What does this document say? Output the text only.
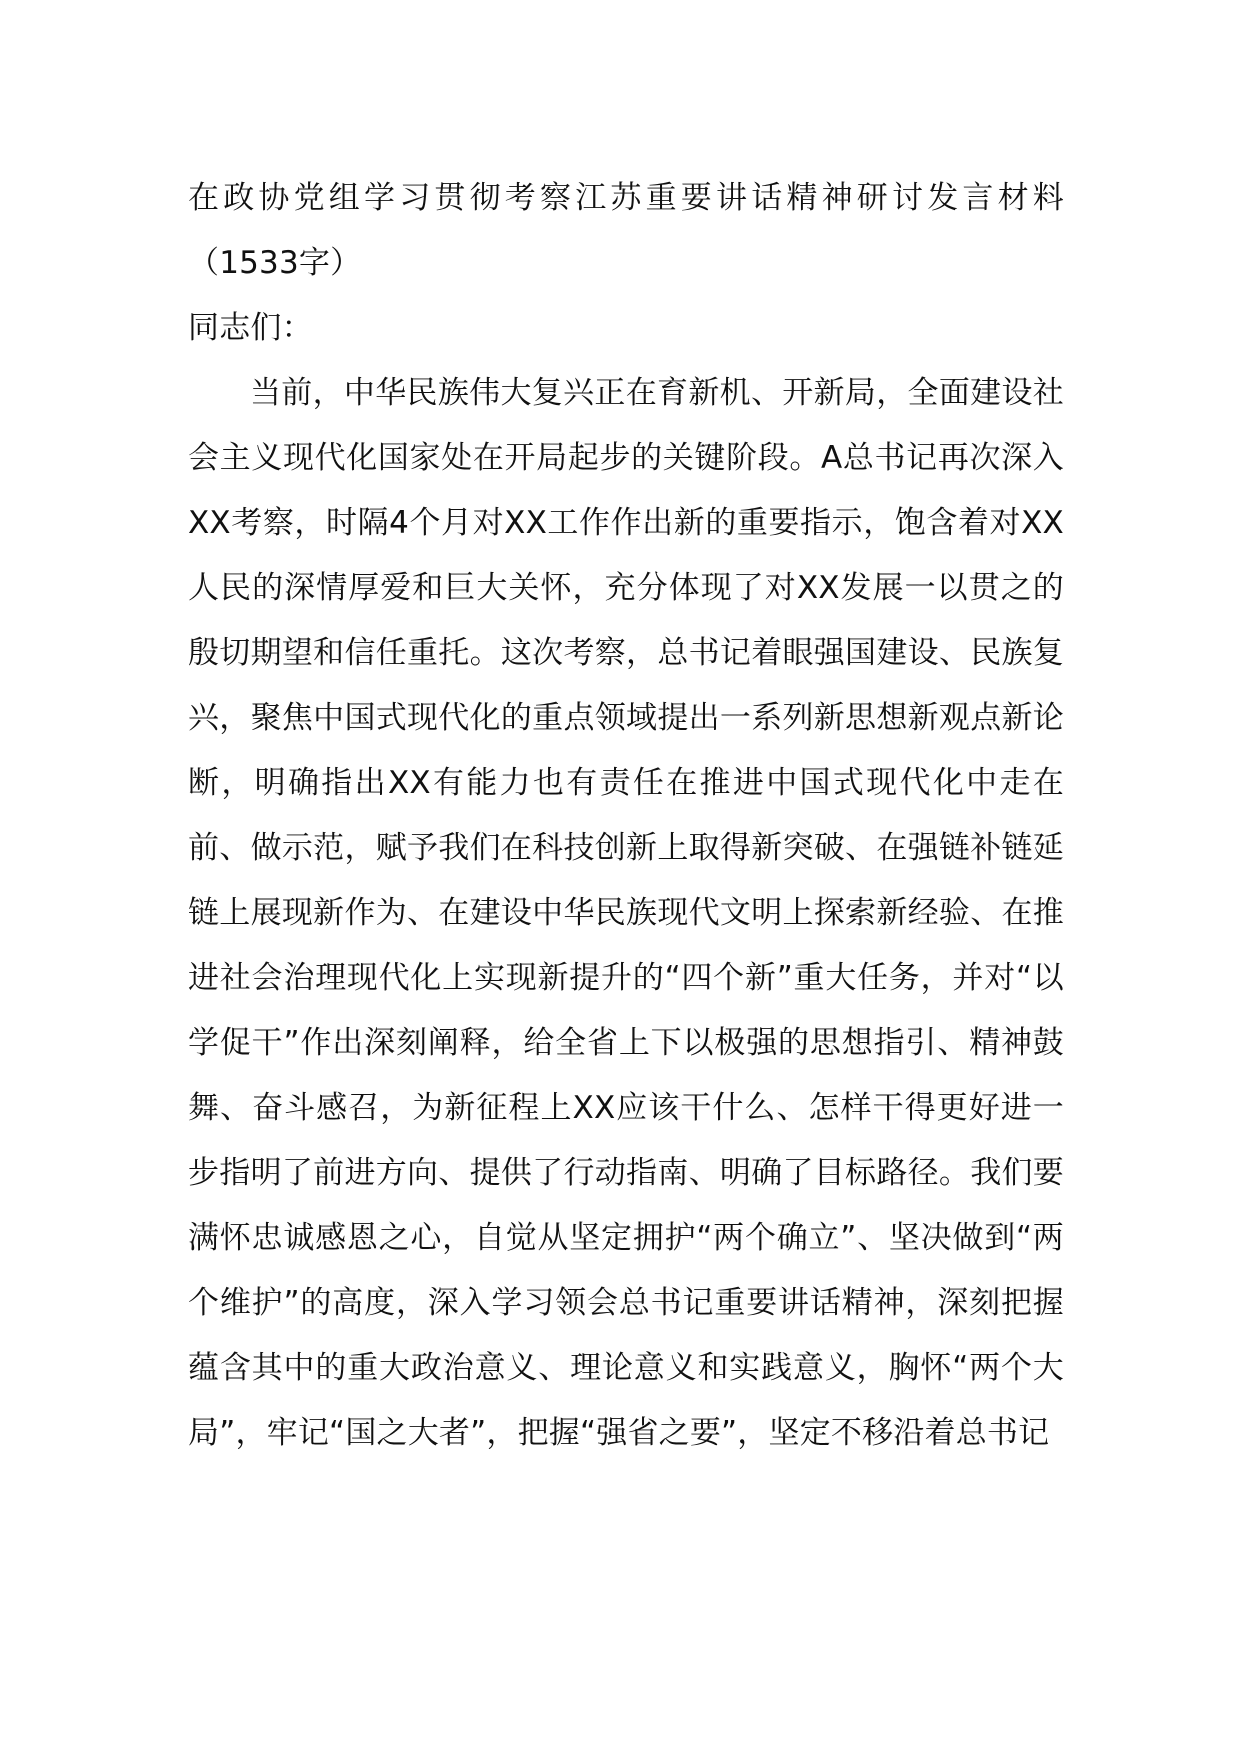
在政协党组学习贯彻考察江苏重要讲话精神研讨发言材料（1533字）

同志们：

当前，中华民族伟大复兴正在育新机、开新局，全面建设社会主义现代化国家处在开局起步的关键阶段。A总书记再次深入XX考察，时隔4个月对XX工作作出新的重要指示，饱含着对XX人民的深情厚爱和巨大关怀，充分体现了对XX发展一以贯之的殷切期望和信任重托。这次考察，总书记着眼强国建设、民族复兴，聚焦中国式现代化的重点领域提出一系列新思想新观点新论断，明确指出XX有能力也有责任在推进中国式现代化中走在前、做示范，赋予我们在科技创新上取得新突破、在强链补链延链上展现新作为、在建设中华民族现代文明上探索新经验、在推进社会治理现代化上实现新提升的“四个新”重大任务，并对“以学促干”作出深刻阐释，给全省上下以极强的思想指引、精神鼓舞、奋斗感召，为新征程上XX应该干什么、怎样干得更好进一步指明了前进方向、提供了行动指南、明确了目标路径。我们要满怀忠诚感恩之心，自觉从坚定拥护“两个确立”、坚决做到“两个维护”的高度，深入学习领会总书记重要讲话精神，深刻把握蕴含其中的重大政治意义、理论意义和实践意义，胸怀“两个大局”，牢记“国之大者”，把握“强省之要”，坚定不移沿着总书记
